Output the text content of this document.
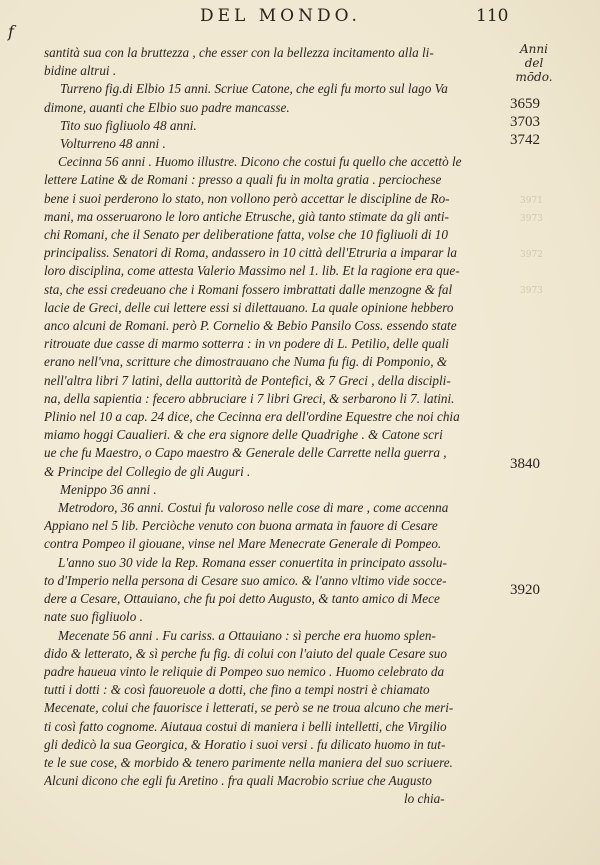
f
DEL MONDO.	110
Anni
del
mōdo.
santità sua con la bruttezza , che esser con la bellezza incitamento alla li-
bidine altrui .
Turreno fig.di Elbio 15 anni. Scriue Catone, che egli fu morto sul lago Va
dimone, auanti che Elbio suo padre mancasse.
Tito suo figliuolo 48 anni.
Volturreno 48 anni .
Cecinna 56 anni . Huomo illustre. Dicono che costui fu quello che accettò le
lettere Latine & de Romani : presso a quali fu in molta gratia . perciochese
bene i suoi perderono lo stato, non vollono però accettar le discipline de Ro-
mani, ma osseruarono le loro antiche Etrusche, già tanto stimate da gli anti-
chi Romani, che il Senato per deliberatione fatta, volse che 10 figliuoli di 10
principaliss. Senatori di Roma, andassero in 10 città dell'Etruria a imparar la
loro disciplina, come attesta Valerio Massimo nel 1. lib. Et la ragione era que-
sta, che essi credeuano che i Romani fossero imbrattati dalle menzogne & fal
lacie de Greci, delle cui lettere essi si dilettauano. La quale opinione hebbero
anco alcuni de Romani. però P. Cornelio & Bebio Pansilo Coss. essendo state
ritrouate due casse di marmo sotterra : in vn podere di L. Petilio, delle quali
erano nell'vna, scritture che dimostrauano che Numa fu fig. di Pomponio, &
nell'altra libri 7 latini, della auttorità de Pontefici, & 7 Greci , della discipli-
na, della sapientia : fecero abbruciare i 7 libri Greci, & serbarono li 7. latini.
Plinio nel 10 a cap. 24 dice, che Cecinna era dell'ordine Equestre che noi chia
miamo hoggi Caualieri. & che era signore delle Quadrighe . & Catone scri
ue che fu Maestro, o Capo maestro & Generale delle Carrette nella guerra ,
& Principe del Collegio de gli Auguri .
Menippo 36 anni .
Metrodoro, 36 anni. Costui fu valoroso nelle cose di mare , come accenna
Appiano nel 5 lib. Perciòche venuto con buona armata in fauore di Cesare
contra Pompeo il giouane, vinse nel Mare Menecrate Generale di Pompeo.
L'anno suo 30 vide la Rep. Romana esser conuertita in principato assolu-
to d'Imperio nella persona di Cesare suo amico. & l'anno vltimo vide socce-
dere a Cesare, Ottauiano, che fu poi detto Augusto, & tanto amico di Mece
nate suo figliuolo .
Mecenate 56 anni . Fu cariss. a Ottauiano : sì perche era huomo splen-
dido & letterato, & sì perche fu fig. di colui con l'aiuto del quale Cesare suo
padre haueua vinto le reliquie di Pompeo suo nemico . Huomo celebrato da
tutti i dotti : & così fauoreuole a dotti, che fino a tempi nostri è chiamato
Mecenate, colui che fauorisce i letterati, se però se ne troua alcuno che meri-
ti così fatto cognome. Aiutaua costui di maniera i belli intelletti, che Virgilio
gli dedicò la sua Georgica, & Horatio i suoi versi . fu dilicato huomo in tut-
te le sue cose, & morbido & tenero parimente nella maniera del suo scriuere.
Alcuni dicono che egli fu Aretino . fra quali Macrobio scriue che Augusto
lo chia-
3659
3703
3742
3840
3920
3971
3973
3972
3973
